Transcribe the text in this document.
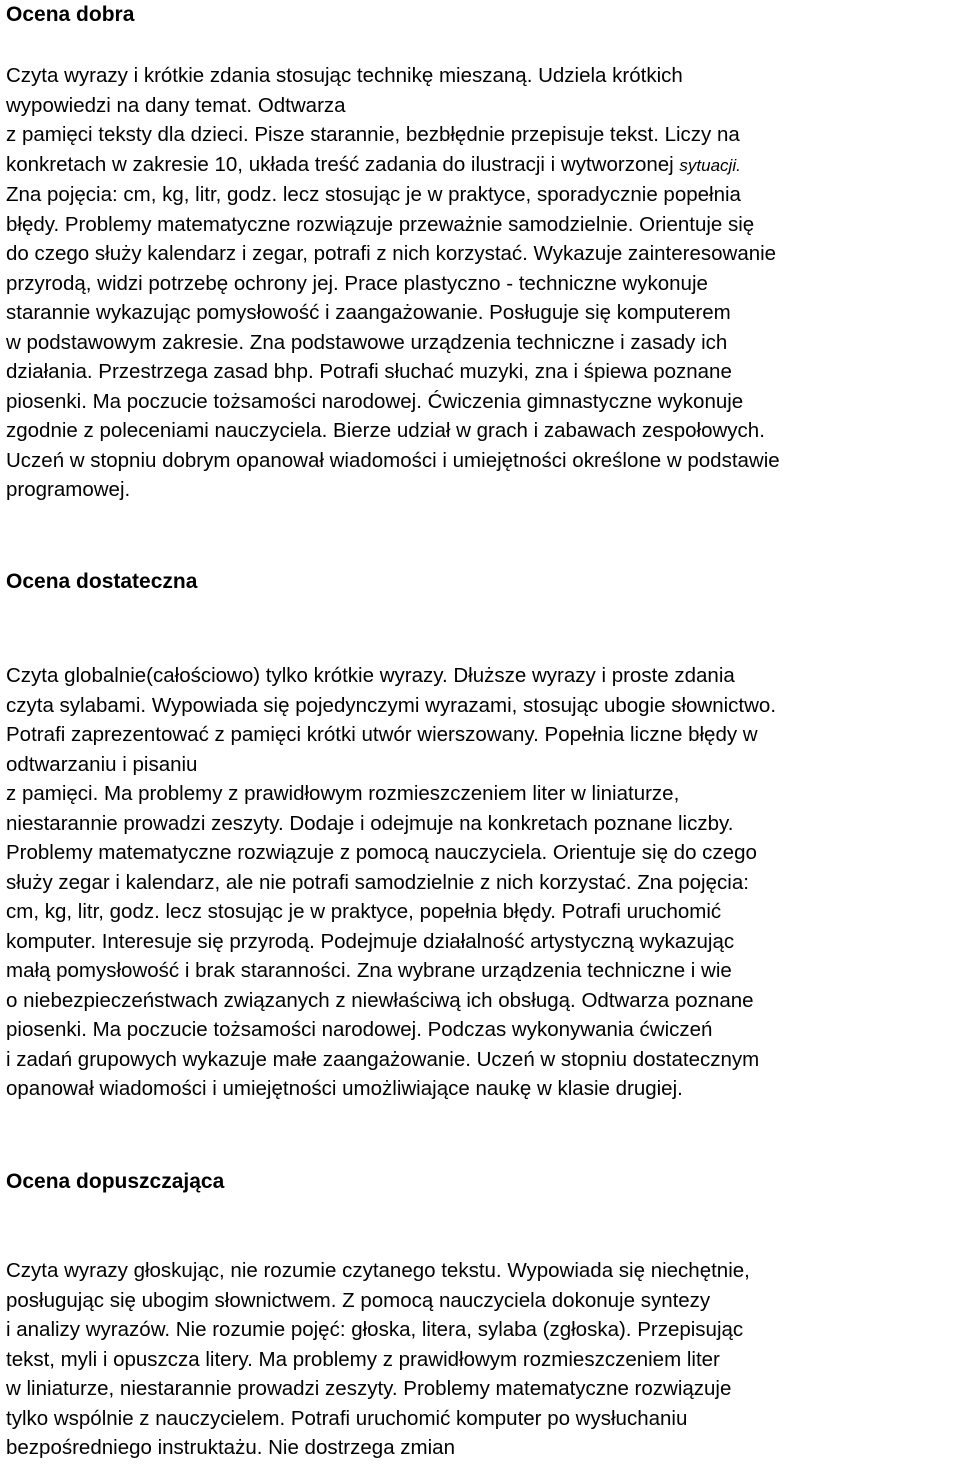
Ocena dobra
Czyta wyrazy i krótkie zdania stosując technikę mieszaną. Udziela krótkich
wypowiedzi na dany temat. Odtwarza
z pamięci teksty dla dzieci. Pisze starannie, bezbłędnie przepisuje tekst. Liczy na
konkretach w zakresie 10, układa treść zadania do ilustracji i wytworzonej sytuacji.
Zna pojęcia: cm, kg, litr, godz. lecz stosując je w praktyce, sporadycznie popełnia
błędy. Problemy matematyczne rozwiązuje przeważnie samodzielnie. Orientuje się
do czego służy kalendarz i zegar, potrafi z nich korzystać. Wykazuje zainteresowanie
przyrodą, widzi potrzebę ochrony jej. Prace plastyczno - techniczne wykonuje
starannie wykazując pomysłowość i zaangażowanie. Posługuje się komputerem
w podstawowym zakresie. Zna podstawowe urządzenia techniczne i zasady ich
działania. Przestrzega zasad bhp. Potrafi słuchać muzyki, zna i śpiewa poznane
piosenki. Ma poczucie tożsamości narodowej. Ćwiczenia gimnastyczne wykonuje
zgodnie z poleceniami nauczyciela. Bierze udział w grach i zabawach zespołowych.
Uczeń w stopniu dobrym opanował wiadomości i umiejętności określone w podstawie
programowej.
Ocena dostateczna
Czyta globalnie(całościowo) tylko krótkie wyrazy. Dłuższe wyrazy i proste zdania
czyta sylabami. Wypowiada się pojedynczymi wyrazami, stosując ubogie słownictwo.
Potrafi zaprezentować z pamięci krótki utwór wierszowany. Popełnia liczne błędy w
odtwarzaniu i pisaniu
z pamięci. Ma problemy z prawidłowym rozmieszczeniem liter w liniaturze,
niestarannie prowadzi zeszyty. Dodaje i odejmuje na konkretach poznane liczby.
Problemy matematyczne rozwiązuje z pomocą nauczyciela. Orientuje się do czego
służy zegar i kalendarz, ale nie potrafi samodzielnie z nich korzystać. Zna pojęcia:
cm, kg, litr, godz. lecz stosując je w praktyce, popełnia błędy. Potrafi uruchomić
komputer. Interesuje się przyrodą. Podejmuje działalność artystyczną wykazując
małą pomysłowość i brak staranności. Zna wybrane urządzenia techniczne i wie
o niebezpieczeństwach związanych z niewłaściwą ich obsługą. Odtwarza poznane
piosenki. Ma poczucie tożsamości narodowej. Podczas wykonywania ćwiczeń
i zadań grupowych wykazuje małe zaangażowanie. Uczeń w stopniu dostatecznym
opanował wiadomości i umiejętności umożliwiające naukę w klasie drugiej.
Ocena dopuszczająca
Czyta wyrazy głoskując, nie rozumie czytanego tekstu. Wypowiada się niechętnie,
posługując się ubogim słownictwem. Z pomocą nauczyciela dokonuje syntezy
i analizy wyrazów. Nie rozumie pojęć: głoska, litera, sylaba (zgłoska). Przepisując
tekst, myli i opuszcza litery. Ma problemy z prawidłowym rozmieszczeniem liter
w liniaturze, niestarannie prowadzi zeszyty. Problemy matematyczne rozwiązuje
tylko wspólnie z nauczycielem. Potrafi uruchomić komputer po wysłuchaniu
bezpośredniego instruktażu. Nie dostrzega zmian
